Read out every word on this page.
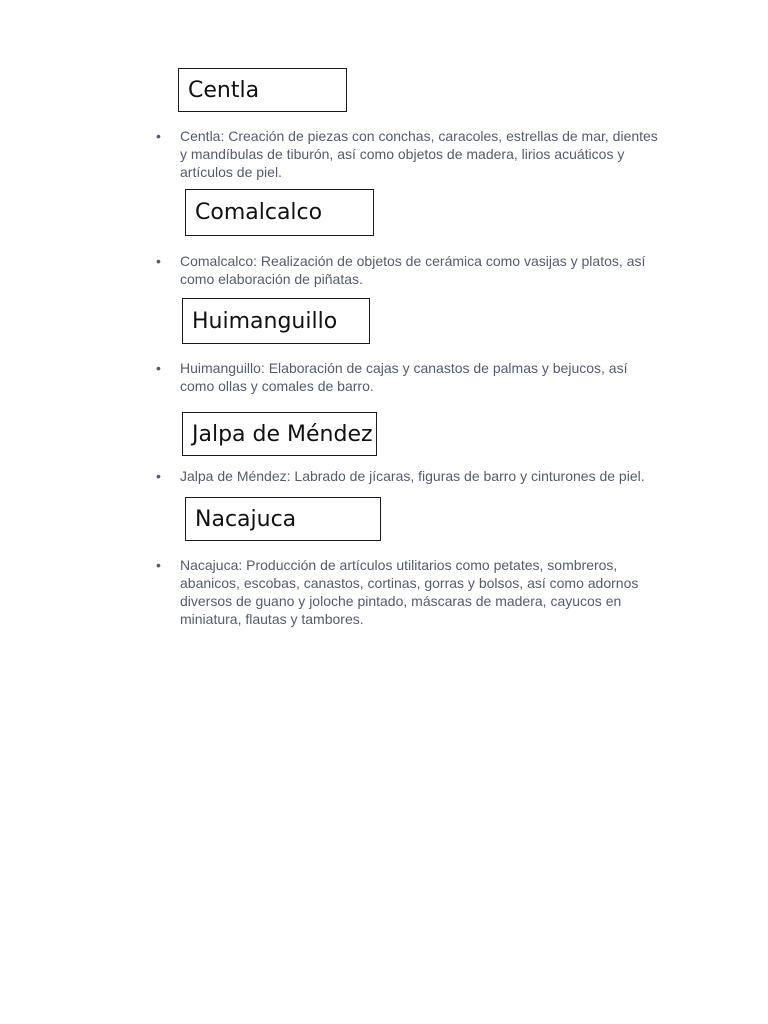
Centla
•	Centla: Creación de piezas con conchas, caracoles, estrellas de mar, dientes y mandíbulas de tiburón, así como objetos de madera, lirios acuáticos y artículos de piel.
Comalcalco
•	Comalcalco: Realización de objetos de cerámica como vasijas y platos, así como elaboración de piñatas.
Huimanguillo
•	Huimanguillo: Elaboración de cajas y canastos de palmas y bejucos, así como ollas y comales de barro.
Jalpa de Méndez
•	Jalpa de Méndez: Labrado de jícaras, figuras de barro y cinturones de piel.
Nacajuca
•	Nacajuca: Producción de artículos utilitarios como petates, sombreros, abanicos, escobas, canastos, cortinas, gorras y bolsos, así como adornos diversos de guano y joloche pintado, máscaras de madera, cayucos en miniatura, flautas y tambores.
